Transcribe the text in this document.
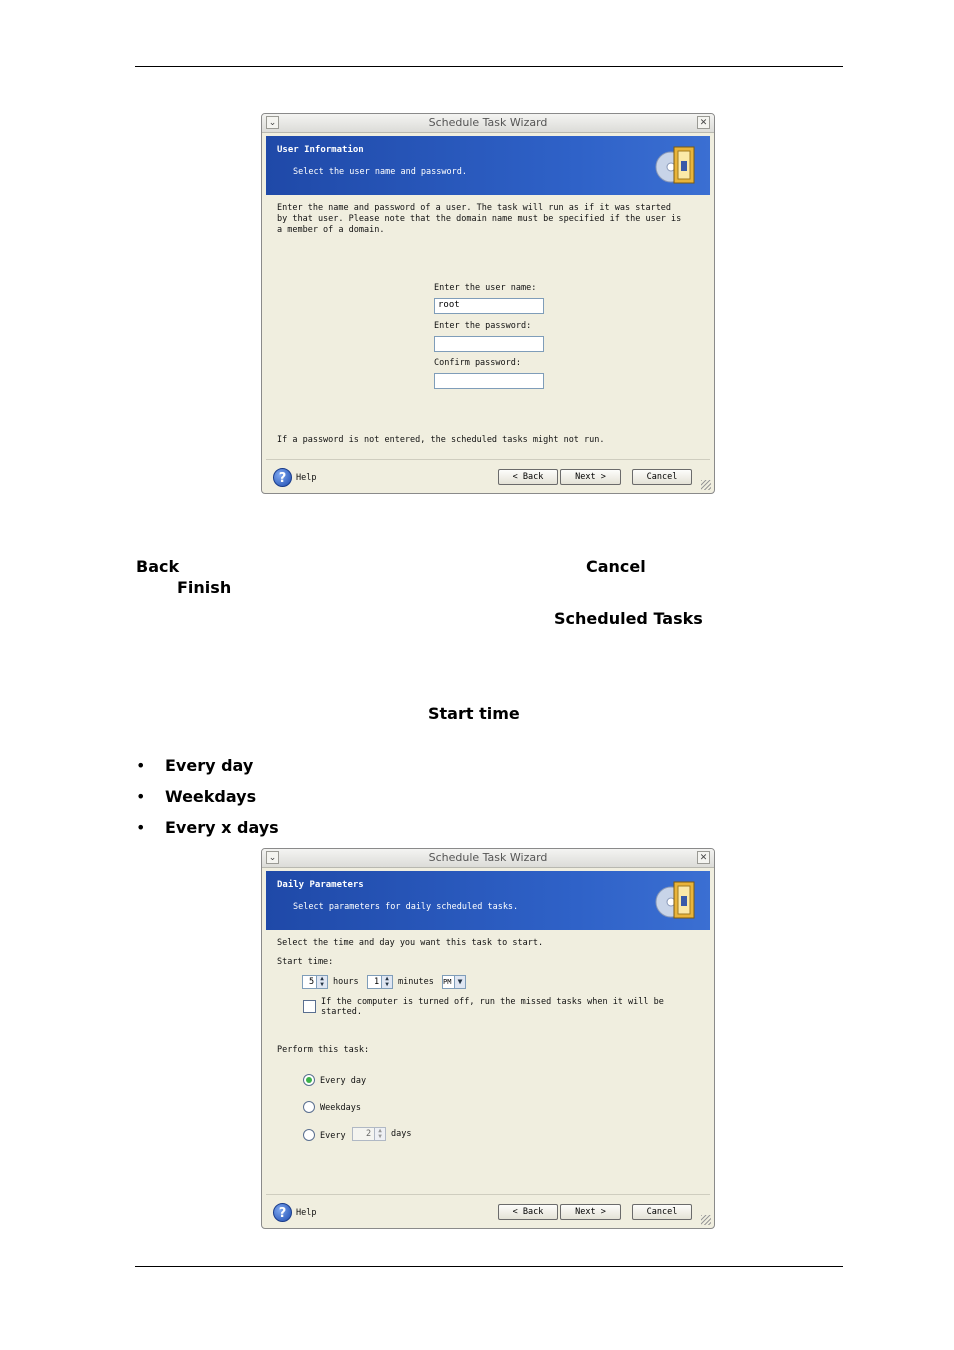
⌄	Schedule Task Wizard	✕
User Information
Select the user name and password.
Enter the name and password of a user. The task will run as if it was started
by that user. Please note that the domain name must be specified if the user is
a member of a domain.
Enter the user name:
root
Enter the password:
Confirm password:
If a password is not entered, the scheduled tasks might not run.
?	Help	< Back	Next >	Cancel
Back	Cancel
Finish
Scheduled Tasks
Start time
• Every day
• Weekdays
• Every x days
⌄	Schedule Task Wizard	✕
Daily Parameters
Select parameters for daily scheduled tasks.
Select the time and day you want this task to start.
Start time:
5	▲
▼	hours	1	▲
▼	minutes PM ▼
If the computer is turned off, run the missed tasks when it will be
started.
Perform this task:
Every day
Weekdays
Every	2	▲
▼	days
?	Help	< Back	Next >	Cancel
